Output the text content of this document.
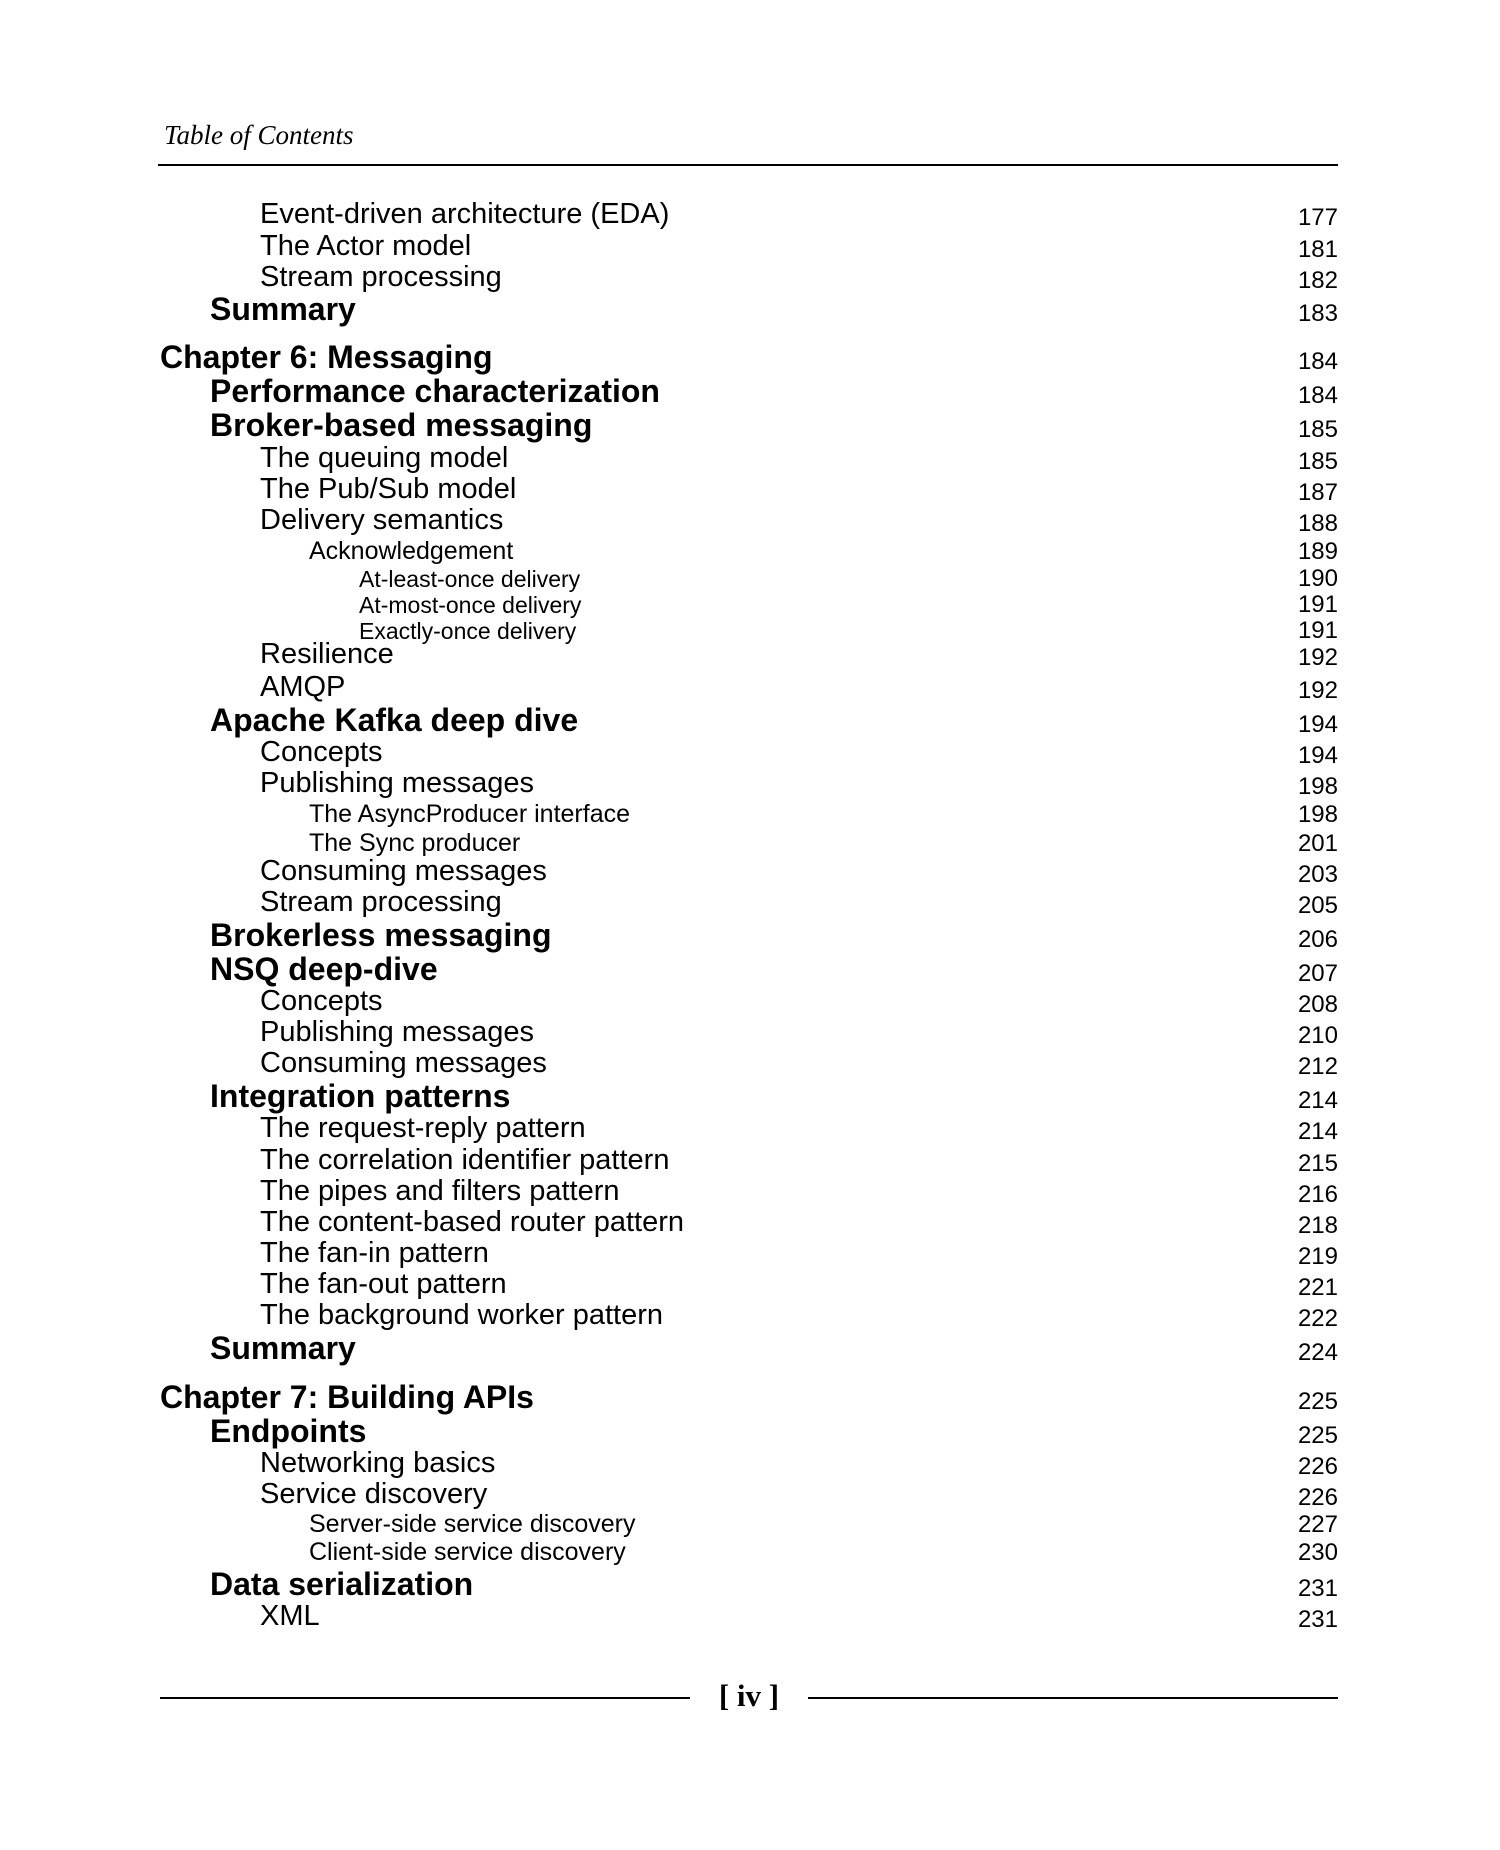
Table of Contents
Event-driven architecture (EDA)	177
The Actor model	181
Stream processing	182
Summary	183
Chapter 6: Messaging	184
Performance characterization	184
Broker-based messaging	185
The queuing model	185
The Pub/Sub model	187
Delivery semantics	188
Acknowledgement	189
At-least-once delivery	190
At-most-once delivery	191
Exactly-once delivery	191
Resilience	192
AMQP	192
Apache Kafka deep dive	194
Concepts	194
Publishing messages	198
The AsyncProducer interface	198
The Sync producer	201
Consuming messages	203
Stream processing	205
Brokerless messaging	206
NSQ deep-dive	207
Concepts	208
Publishing messages	210
Consuming messages	212
Integration patterns	214
The request-reply pattern	214
The correlation identifier pattern	215
The pipes and filters pattern	216
The content-based router pattern	218
The fan-in pattern	219
The fan-out pattern	221
The background worker pattern	222
Summary	224
Chapter 7: Building APIs	225
Endpoints	225
Networking basics	226
Service discovery	226
Server-side service discovery	227
Client-side service discovery	230
Data serialization	231
XML	231
[ iv ]
